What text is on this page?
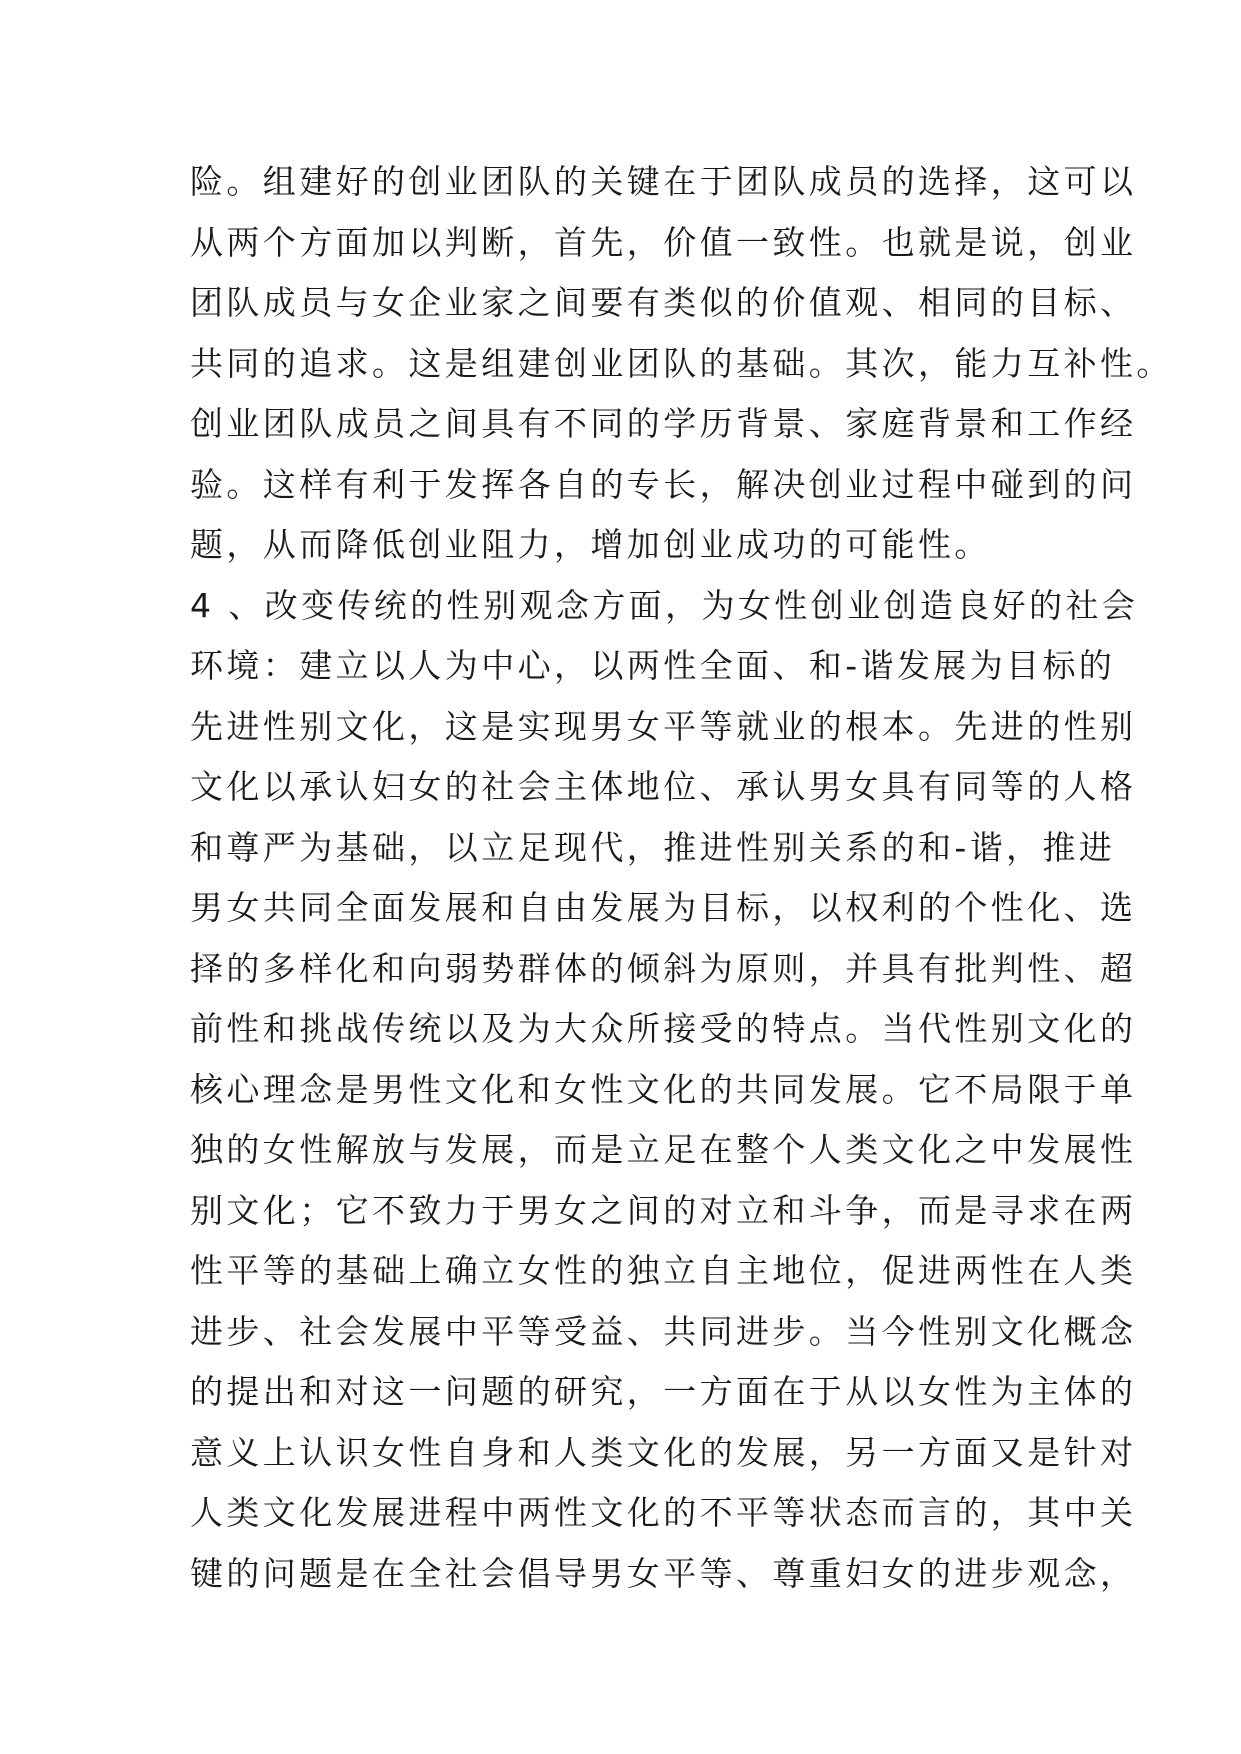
险。组建好的创业团队的关键在于团队成员的选择，这可以
从两个方面加以判断，首先，价值一致性。也就是说，创业
团队成员与女企业家之间要有类似的价值观、相同的目标、
共同的追求。这是组建创业团队的基础。其次，能力互补性。
创业团队成员之间具有不同的学历背景、家庭背景和工作经
验。这样有利于发挥各自的专长，解决创业过程中碰到的问
题，从而降低创业阻力，增加创业成功的可能性。
4 、改变传统的性别观念方面，为女性创业创造良好的社会
环境：建立以人为中心，以两性全面、和-谐发展为目标的
先进性别文化，这是实现男女平等就业的根本。先进的性别
文化以承认妇女的社会主体地位、承认男女具有同等的人格
和尊严为基础，以立足现代，推进性别关系的和-谐，推进
男女共同全面发展和自由发展为目标，以权利的个性化、选
择的多样化和向弱势群体的倾斜为原则，并具有批判性、超
前性和挑战传统以及为大众所接受的特点。当代性别文化的
核心理念是男性文化和女性文化的共同发展。它不局限于单
独的女性解放与发展，而是立足在整个人类文化之中发展性
别文化；它不致力于男女之间的对立和斗争，而是寻求在两
性平等的基础上确立女性的独立自主地位，促进两性在人类
进步、社会发展中平等受益、共同进步。当今性别文化概念
的提出和对这一问题的研究，一方面在于从以女性为主体的
意义上认识女性自身和人类文化的发展，另一方面又是针对
人类文化发展进程中两性文化的不平等状态而言的，其中关
键的问题是在全社会倡导男女平等、尊重妇女的进步观念，
